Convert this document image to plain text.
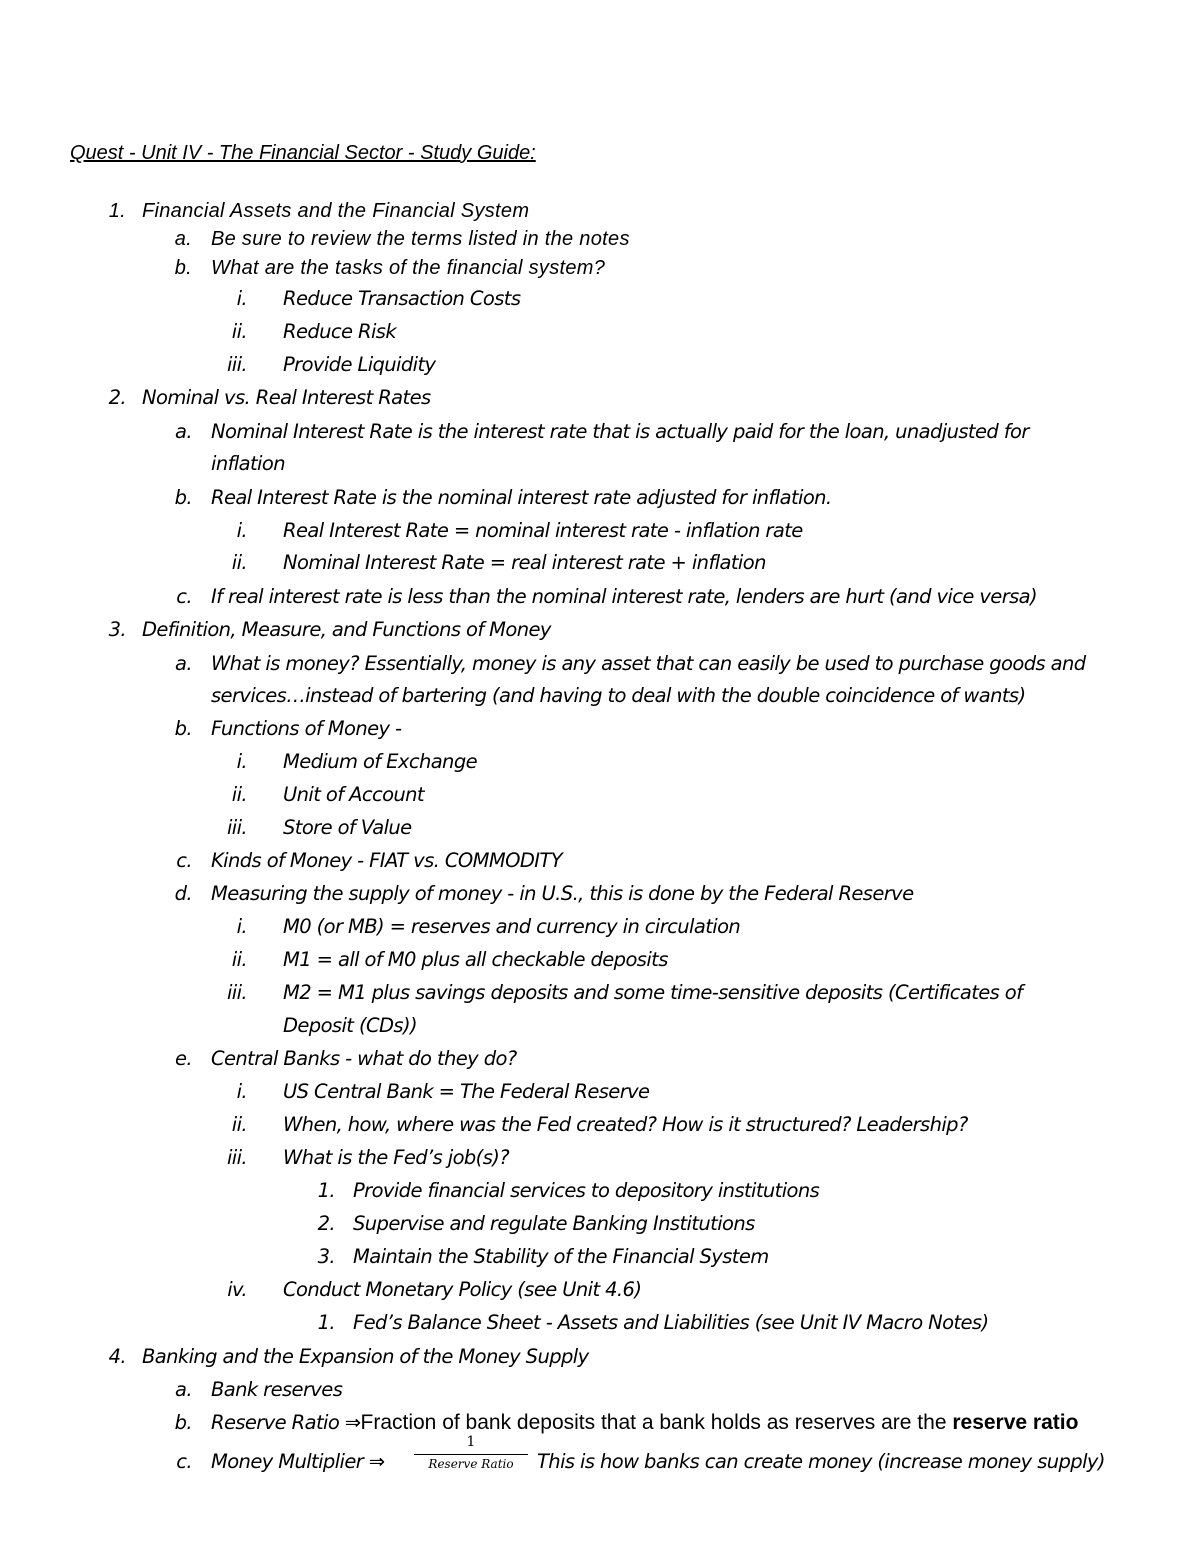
Quest - Unit IV - The Financial Sector - Study Guide:
1. Financial Assets and the Financial System
a. Be sure to review the terms listed in the notes
b. What are the tasks of the financial system?
i. Reduce Transaction Costs
ii. Reduce Risk
iii. Provide Liquidity
2. Nominal vs. Real Interest Rates
a. Nominal Interest Rate is the interest rate that is actually paid for the loan, unadjusted for
inflation
b. Real Interest Rate is the nominal interest rate adjusted for inflation.
i. Real Interest Rate = nominal interest rate - inflation rate
ii. Nominal Interest Rate = real interest rate + inflation
c. If real interest rate is less than the nominal interest rate, lenders are hurt (and vice versa)
3. Definition, Measure, and Functions of Money
a. What is money? Essentially, money is any asset that can easily be used to purchase goods and
services…instead of bartering (and having to deal with the double coincidence of wants)
b. Functions of Money -
i. Medium of Exchange
ii. Unit of Account
iii. Store of Value
c. Kinds of Money - FIAT vs. COMMODITY
d. Measuring the supply of money - in U.S., this is done by the Federal Reserve
i. M0 (or MB) = reserves and currency in circulation
ii. M1 = all of M0 plus all checkable deposits
iii. M2 = M1 plus savings deposits and some time-sensitive deposits (Certificates of
Deposit (CDs))
e. Central Banks - what do they do?
i. US Central Bank = The Federal Reserve
ii. When, how, where was the Fed created? How is it structured? Leadership?
iii. What is the Fed’s job(s)?
1. Provide financial services to depository institutions
2. Supervise and regulate Banking Institutions
3. Maintain the Stability of the Financial System
iv. Conduct Monetary Policy (see Unit 4.6)
1. Fed’s Balance Sheet - Assets and Liabilities (see Unit IV Macro Notes)
4. Banking and the Expansion of the Money Supply
a. Bank reserves
b. Reserve Ratio ⇒Fraction of bank deposits that a bank holds as reserves are the reserve ratio
c. Money Multiplier ⇒
1
Reserve Ratio	This is how banks can create money (increase money supply)
